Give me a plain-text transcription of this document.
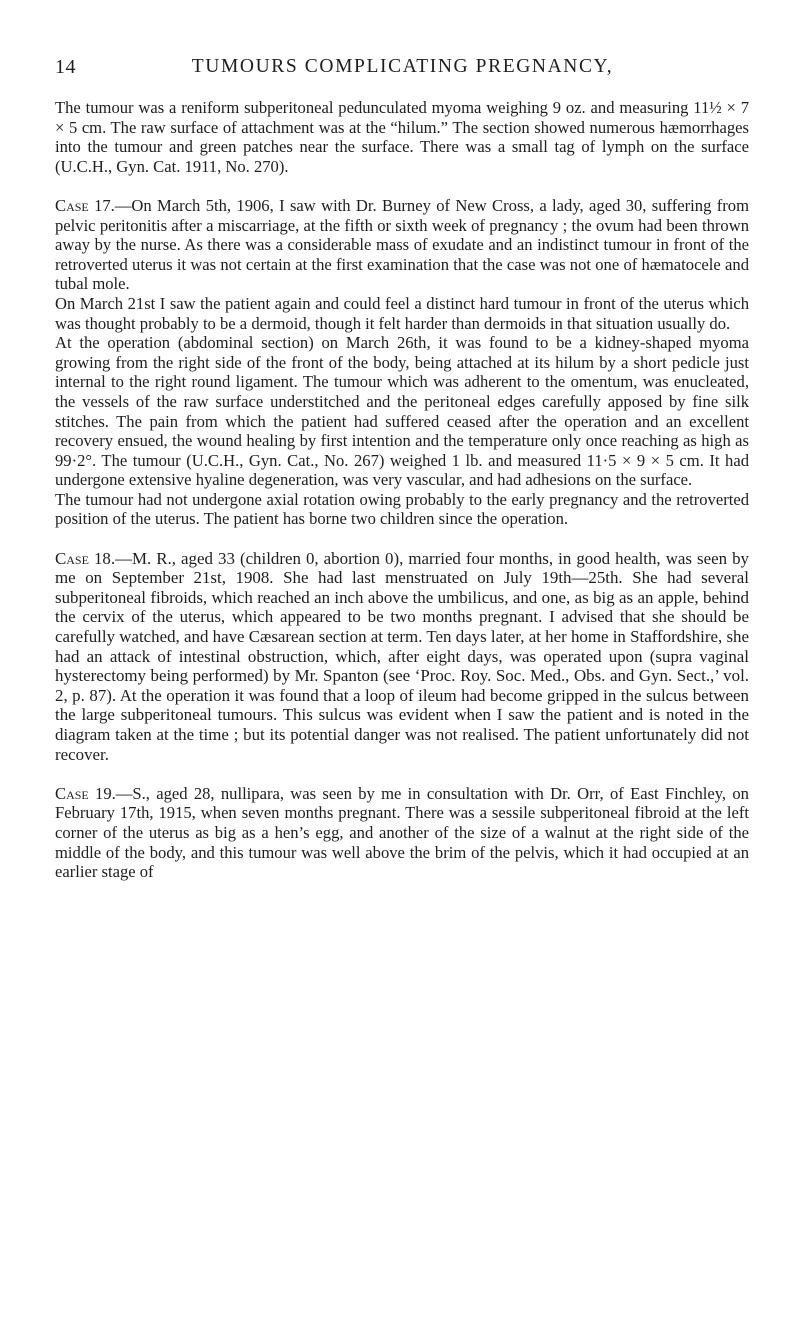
14	TUMOURS COMPLICATING PREGNANCY,

The tumour was a reniform subperitoneal pedunculated myoma weighing 9 oz. and measuring 11½ × 7 × 5 cm. The raw surface of attachment was at the “hilum.” The section showed numerous hæmorrhages into the tumour and green patches near the surface. There was a small tag of lymph on the surface (U.C.H., Gyn. Cat. 1911, No. 270).

Case 17.—On March 5th, 1906, I saw with Dr. Burney of New Cross, a lady, aged 30, suffering from pelvic peritonitis after a miscarriage, at the fifth or sixth week of pregnancy ; the ovum had been thrown away by the nurse. As there was a considerable mass of exudate and an indistinct tumour in front of the retroverted uterus it was not certain at the first examination that the case was not one of hæmatocele and tubal mole.

On March 21st I saw the patient again and could feel a distinct hard tumour in front of the uterus which was thought probably to be a dermoid, though it felt harder than dermoids in that situation usually do.

At the operation (abdominal section) on March 26th, it was found to be a kidney-shaped myoma growing from the right side of the front of the body, being attached at its hilum by a short pedicle just internal to the right round ligament. The tumour which was adherent to the omentum, was enucleated, the vessels of the raw surface understitched and the peritoneal edges carefully apposed by fine silk stitches. The pain from which the patient had suffered ceased after the operation and an excellent recovery ensued, the wound healing by first intention and the temperature only once reaching as high as 99·2°. The tumour (U.C.H., Gyn. Cat., No. 267) weighed 1 lb. and measured 11·5 × 9 × 5 cm. It had undergone extensive hyaline degeneration, was very vascular, and had adhesions on the surface.

The tumour had not undergone axial rotation owing probably to the early pregnancy and the retroverted position of the uterus. The patient has borne two children since the operation.

Case 18.—M. R., aged 33 (children 0, abortion 0), married four months, in good health, was seen by me on September 21st, 1908. She had last menstruated on July 19th—25th. She had several subperitoneal fibroids, which reached an inch above the umbilicus, and one, as big as an apple, behind the cervix of the uterus, which appeared to be two months pregnant. I advised that she should be carefully watched, and have Cæsarean section at term. Ten days later, at her home in Staffordshire, she had an attack of intestinal obstruction, which, after eight days, was operated upon (supra vaginal hysterectomy being performed) by Mr. Spanton (see ‘Proc. Roy. Soc. Med., Obs. and Gyn. Sect.,’ vol. 2, p. 87). At the operation it was found that a loop of ileum had become gripped in the sulcus between the large subperitoneal tumours. This sulcus was evident when I saw the patient and is noted in the diagram taken at the time ; but its potential danger was not realised. The patient unfortunately did not recover.

Case 19.—S., aged 28, nullipara, was seen by me in consultation with Dr. Orr, of East Finchley, on February 17th, 1915, when seven months pregnant. There was a sessile subperitoneal fibroid at the left corner of the uterus as big as a hen’s egg, and another of the size of a walnut at the right side of the middle of the body, and this tumour was well above the brim of the pelvis, which it had occupied at an earlier stage of
